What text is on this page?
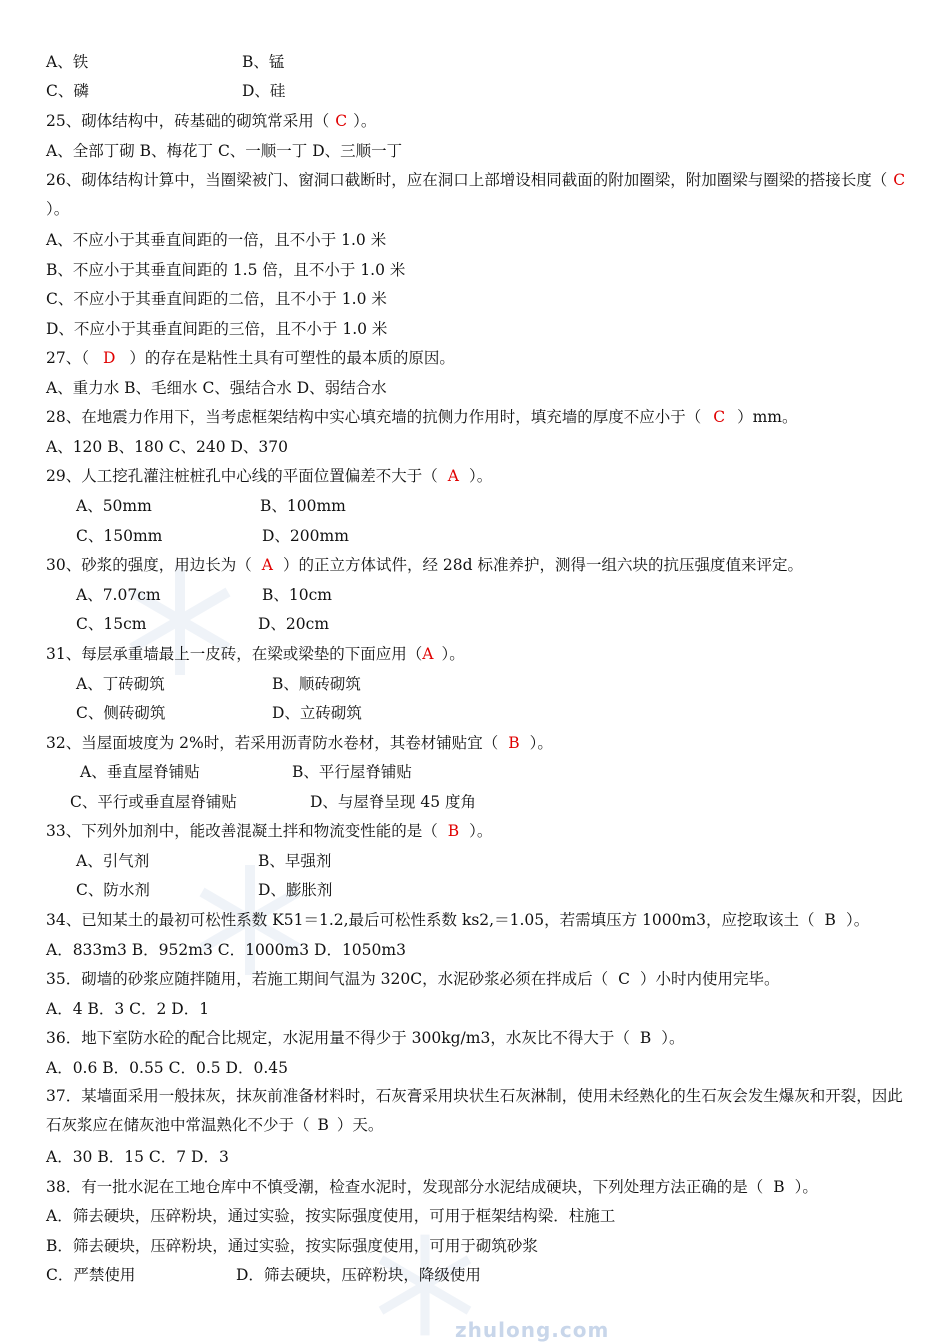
zhulong.com
A、铁	B、锰
C、磷	D、硅
25、砌体结构中，砖基础的砌筑常采用（ C ）。
A、全部丁砌 B、梅花丁 C、一顺一丁 D、三顺一丁
26、砌体结构计算中，当圈梁被门、窗洞口截断时，应在洞口上部增设相同截面的附加圈梁，附加圈梁与圈梁的搭接长度（ C）。
A、不应小于其垂直间距的一倍，且不小于 1.0 米
B、不应小于其垂直间距的 1.5 倍，且不小于 1.0 米
C、不应小于其垂直间距的二倍，且不小于 1.0 米
D、不应小于其垂直间距的三倍，且不小于 1.0 米
27、（ D ）的存在是粘性土具有可塑性的最本质的原因。
A、重力水 B、毛细水 C、强结合水 D、弱结合水
28、在地震力作用下，当考虑框架结构中实心填充墙的抗侧力作用时，填充墙的厚度不应小于（ C ）mm。
A、120 B、180 C、240 D、370
29、人工挖孔灌注桩桩孔中心线的平面位置偏差不大于（ A ）。
A、50mm	B、100mm
C、150mm	D、200mm
30、砂浆的强度，用边长为（ A ）的正立方体试件，经 28d 标准养护，测得一组六块的抗压强度值来评定。
A、7.07cm	B、10cm
C、15cm	D、20cm
31、每层承重墙最上一皮砖，在梁或梁垫的下面应用（A ）。
A、丁砖砌筑	B、顺砖砌筑
C、侧砖砌筑	D、立砖砌筑
32、当屋面坡度为 2%时，若采用沥青防水卷材，其卷材铺贴宜（ B ）。
A、垂直屋脊铺贴	B、平行屋脊铺贴
C、平行或垂直屋脊铺贴	D、与屋脊呈现 45 度角
33、下列外加剂中，能改善混凝土拌和物流变性能的是（ B ）。
A、引气剂	B、早强剂
C、防水剂	D、膨胀剂
34、已知某土的最初可松性系数 K51＝1.2,最后可松性系数 ks2,＝1.05，若需填压方 1000m3，应挖取该土（ B ）。
A．833m3 B．952m3 C．1000m3 D．1050m3
35．砌墙的砂浆应随拌随用，若施工期间气温为 320C，水泥砂浆必须在拌成后（ C ）小时内使用完毕。
A．4 B．3 C．2 D．1
36．地下室防水砼的配合比规定，水泥用量不得少于 300kg/m3，水灰比不得大于（ B ）。
A．0.6 B．0.55 C．0.5 D．0.45
37．某墙面采用一般抹灰，抹灰前准备材料时，石灰膏采用块状生石灰淋制，使用未经熟化的生石灰会发生爆灰和开裂，因此石灰浆应在储灰池中常温熟化不少于（ B ）天。
A．30 B．15 C．7 D．3
38．有一批水泥在工地仓库中不慎受潮，检查水泥时，发现部分水泥结成硬块，下列处理方法正确的是（ B ）。
A．筛去硬块，压碎粉块，通过实验，按实际强度使用，可用于框架结构梁．柱施工
B．筛去硬块，压碎粉块，通过实验，按实际强度使用，可用于砌筑砂浆
C．严禁使用	D．筛去硬块，压碎粉块，降级使用
